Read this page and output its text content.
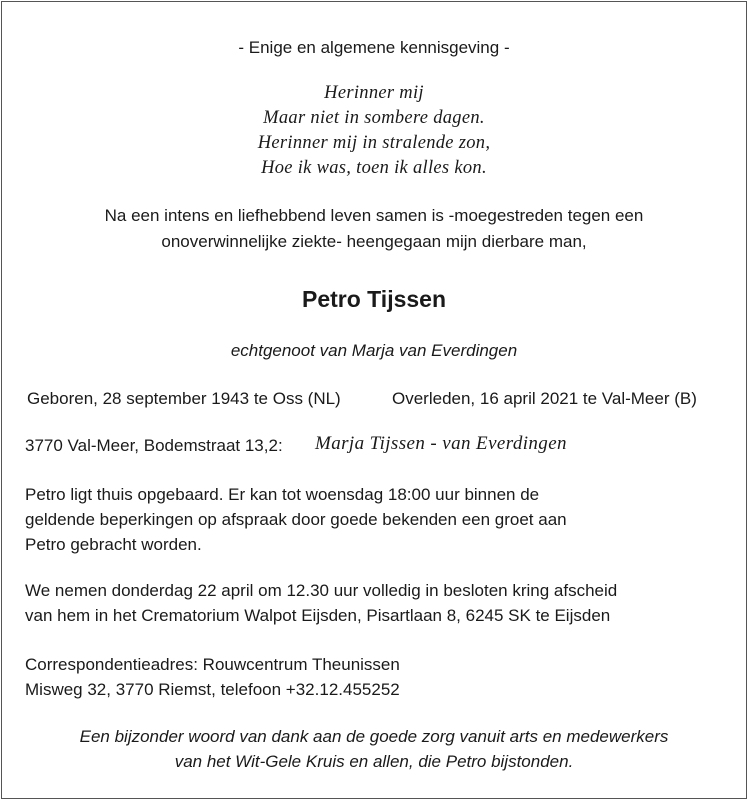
- Enige en algemene kennisgeving -
Herinner mij
Maar niet in sombere dagen.
Herinner mij in stralende zon,
Hoe ik was, toen ik alles kon.
Na een intens en liefhebbend leven samen is -moegestreden tegen een
onoverwinnelijke ziekte- heengegaan mijn dierbare man,
Petro Tijssen
echtgenoot van Marja van Everdingen
Geboren, 28 september 1943 te Oss (NL)	Overleden, 16 april 2021 te Val-Meer (B)
3770 Val-Meer, Bodemstraat 13,2: Marja Tijssen - van Everdingen
Petro ligt thuis opgebaard. Er kan tot woensdag 18:00 uur binnen de
geldende beperkingen op afspraak door goede bekenden een groet aan
Petro gebracht worden.
We nemen donderdag 22 april om 12.30 uur volledig in besloten kring afscheid
van hem in het Crematorium Walpot Eijsden, Pisartlaan 8, 6245 SK te Eijsden
Correspondentieadres: Rouwcentrum Theunissen
Misweg 32, 3770 Riemst, telefoon +32.12.455252
Een bijzonder woord van dank aan de goede zorg vanuit arts en medewerkers
van het Wit-Gele Kruis en allen, die Petro bijstonden.
